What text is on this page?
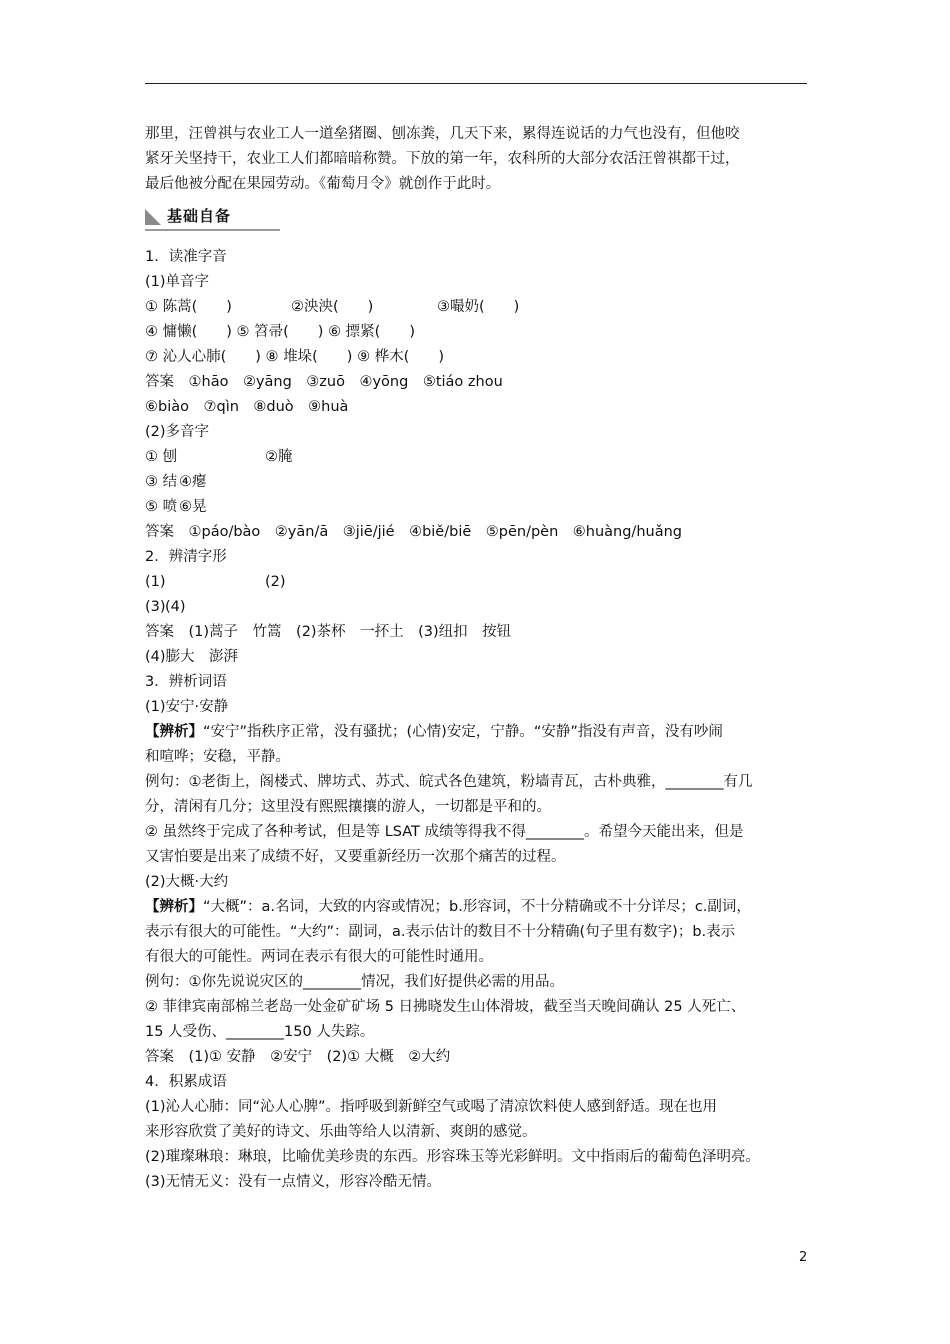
那里，汪曾祺与农业工人一道垒猪圈、刨冻粪，几天下来，累得连说话的力气也没有，但他咬

紧牙关坚持干，农业工人们都暗暗称赞。下放的第一年，农科所的大部分农活汪曾祺都干过，

最后他被分配在果园劳动。《葡萄月令》就创作于此时。

基础自备
1．读准字音
(1)单音字
① 陈蒿(　　)	②泱泱(　　)	③嘬奶(　　)
④ 慵懒(　　) ⑤ 笤帚(　　) ⑥ 摽紧(　　)
⑦ 沁人心肺(　　) ⑧ 堆垛(　　) ⑨ 桦木(　　)
答案　 ①hāo　②yāng　③zuō　④yōng　⑤tiáo zhou
⑥biào　⑦qìn　⑧duò　⑨huà
(2)多音字
① 刨	②腌
③ 结 ④瘪
⑤ 喷 ⑥晃
答案　 ①páo/bào　②yān/ā　③jiē/jié　④biě/biē　⑤pēn/pèn　⑥huàng/huǎng
2．辨清字形
(1)	(2)
(3)(4)
答案　 (1)蒿子　竹篙　(2)茶杯　一抔土　(3)纽扣　按钮
(4)膨大　澎湃
3．辨析词语
(1)安宁·安静
【辨析】“安宁”指秩序正常，没有骚扰；(心情)安定，宁静。“安静”指没有声音，没有吵闹
和喧哗；安稳，平静。
例句：①老街上，阁楼式、牌坊式、苏式、皖式各色建筑，粉墙青瓦，古朴典雅，________有几
分，清闲有几分；这里没有熙熙攘攘的游人，一切都是平和的。
② 虽然终于完成了各种考试，但是等 LSAT 成绩等得我不得________。希望今天能出来，但是
又害怕要是出来了成绩不好，又要重新经历一次那个痛苦的过程。
(2)大概·大约
【辨析】“大概”：a.名词，大致的内容或情况；b.形容词，不十分精确或不十分详尽；c.副词，
表示有很大的可能性。“大约”：副词，a.表示估计的数目不十分精确(句子里有数字)；b.表示
有很大的可能性。两词在表示有很大的可能性时通用。
例句：①你先说说灾区的________情况，我们好提供必需的用品。
② 菲律宾南部棉兰老岛一处金矿矿场 5 日拂晓发生山体滑坡，截至当天晚间确认 25 人死亡、
15 人受伤、________150 人失踪。
答案　 (1)① 安静　②安宁　(2)① 大概　②大约
4．积累成语
(1)沁人心肺：同“沁人心脾”。指呼吸到新鲜空气或喝了清凉饮料使人感到舒适。现在也用
来形容欣赏了美好的诗文、乐曲等给人以清新、爽朗的感觉。
(2)璀璨琳琅：琳琅，比喻优美珍贵的东西。形容珠玉等光彩鲜明。文中指雨后的葡萄色泽明亮。
(3)无情无义：没有一点情义，形容冷酷无情。
2
